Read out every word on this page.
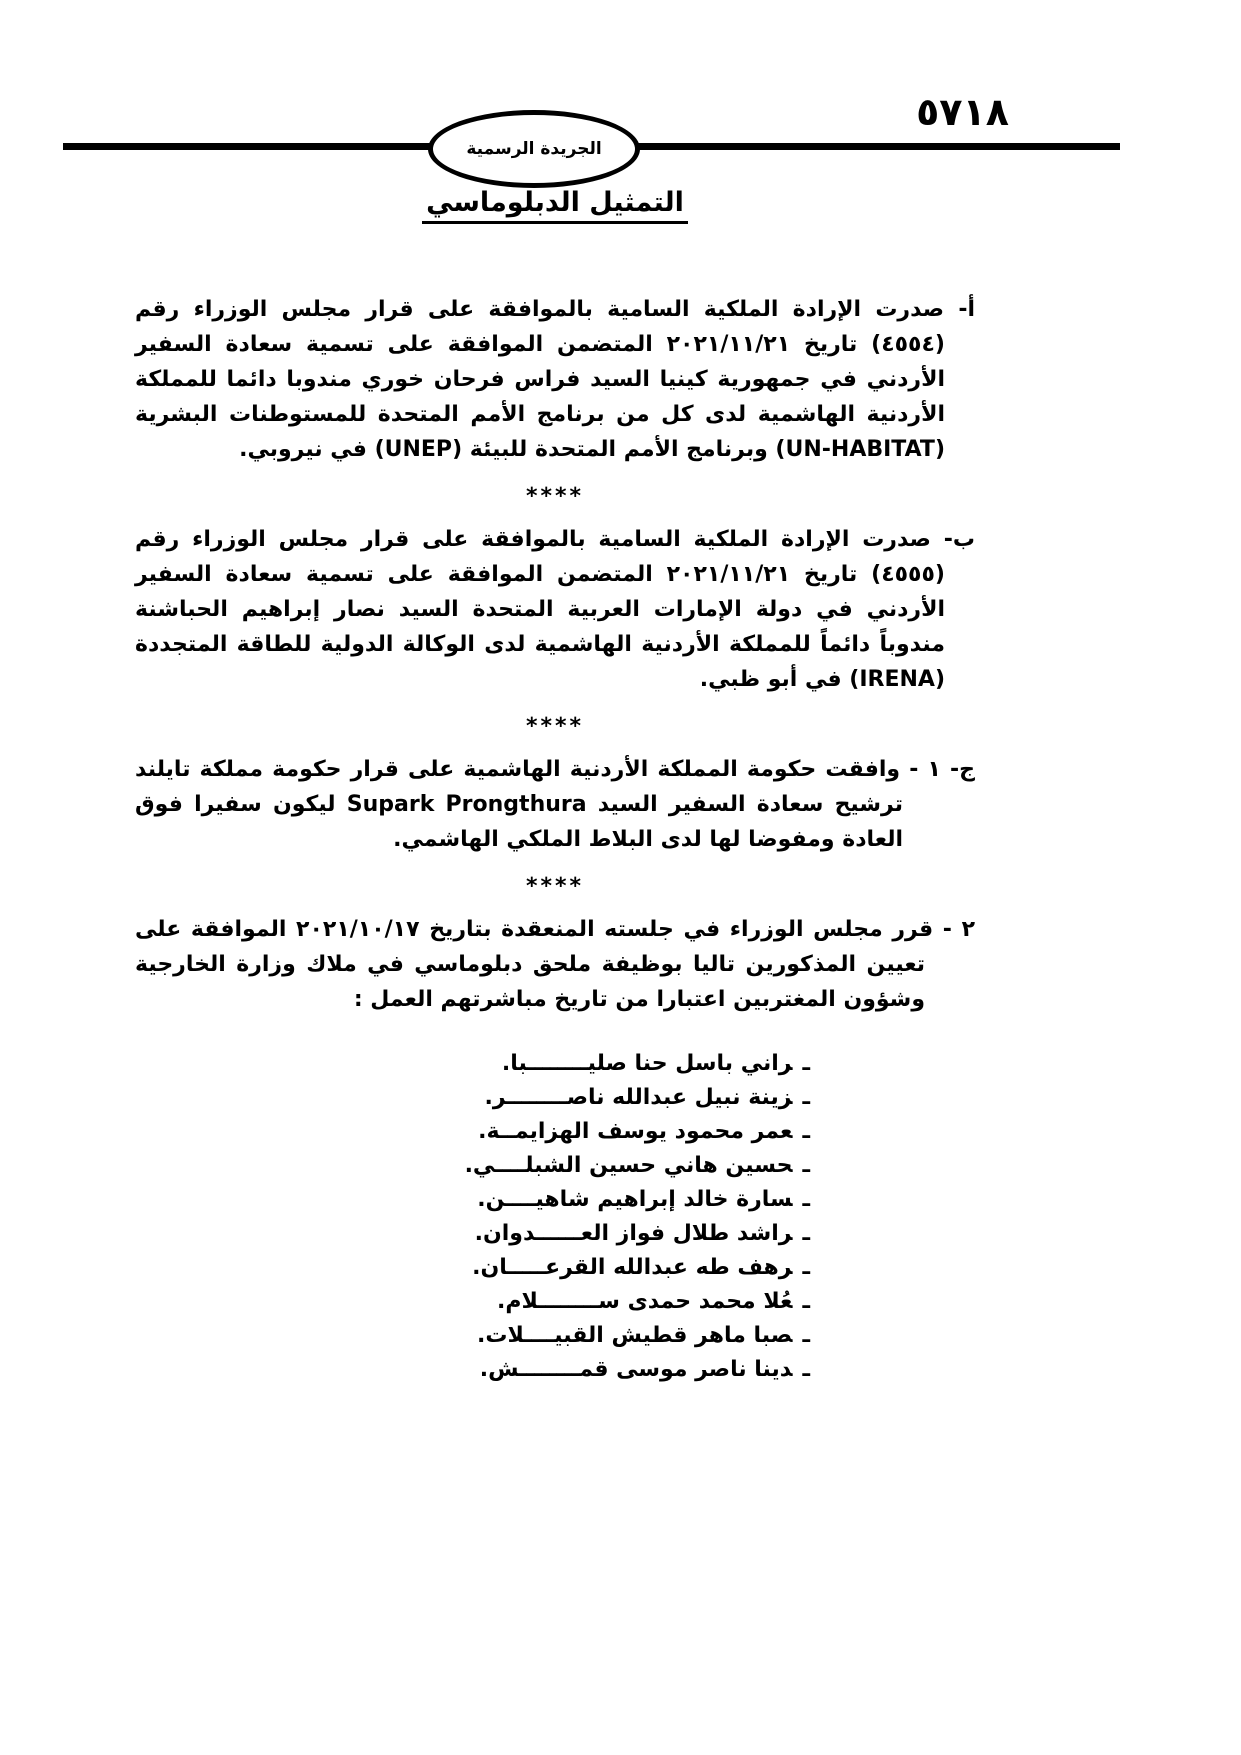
٥٧١٨
الجريدة الرسمية
التمثيل الدبلوماسي

أ- صدرت الإرادة الملكية السامية بالموافقة على قرار مجلس الوزراء رقم (٤٥٥٤) تاريخ ٢٠٢١/١١/٢١ المتضمن الموافقة على تسمية سعادة السفير الأردني في جمهورية كينيا السيد فراس فرحان خوري مندوبا دائما للمملكة الأردنية الهاشمية لدى كل من برنامج الأمم المتحدة للمستوطنات البشرية (UN-HABITAT) وبرنامج الأمم المتحدة للبيئة (UNEP) في نيروبي.

****

ب- صدرت الإرادة الملكية السامية بالموافقة على قرار مجلس الوزراء رقم (٤٥٥٥) تاريخ ٢٠٢١/١١/٢١ المتضمن الموافقة على تسمية سعادة السفير الأردني في دولة الإمارات العربية المتحدة السيد نصار إبراهيم الحباشنة مندوباً دائماً للمملكة الأردنية الهاشمية لدى الوكالة الدولية للطاقة المتجددة (IRENA) في أبو ظبي.

****

ج- ١ - وافقت حكومة المملكة الأردنية الهاشمية على قرار حكومة مملكة تايلند ترشيح سعادة السفير السيد Supark Prongthura ليكون سفيرا فوق العادة ومفوضا لها لدى البلاط الملكي الهاشمي.

****

٢ - قرر مجلس الوزراء في جلسته المنعقدة بتاريخ ٢٠٢١/١٠/١٧ الموافقة على تعيين المذكورين تاليا بوظيفة ملحق دبلوماسي في ملاك وزارة الخارجية وشؤون المغتربين اعتبارا من تاريخ مباشرتهم العمل :

ـراني باسل حنا صليــــــــبا.
ـزينة نبيل عبدالله ناصــــــــر.
ـعمر محمود يوسف الهزايمــة.
ـحسين هاني حسين الشبلــــي.
ـسارة خالد إبراهيم شاهيــــن.
ـراشد طلال فواز العــــــدوان.
ـرهف طه عبدالله القرعـــــان.
ـعُلا محمد حمدى ســــــــلام.
ـصبا ماهر قطيش القبيــــلات.
ـدينا ناصر موسى قمــــــــش.
